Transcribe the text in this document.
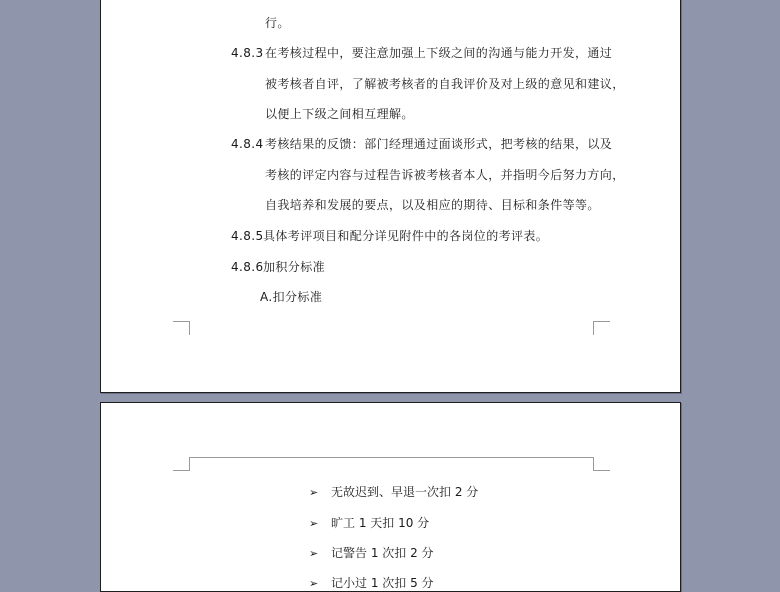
行。
4.8.3在考核过程中，要注意加强上下级之间的沟通与能力开发，通过
被考核者自评，了解被考核者的自我评价及对上级的意见和建议，
以便上下级之间相互理解。
4.8.4考核结果的反馈：部门经理通过面谈形式，把考核的结果，以及
考核的评定内容与过程告诉被考核者本人，并指明今后努力方向，
自我培养和发展的要点，以及相应的期待、目标和条件等等。
4.8.5具体考评项目和配分详见附件中的各岗位的考评表。
4.8.6加积分标准
A.扣分标准
➢ 无故迟到、早退一次扣 2 分
➢ 旷工 1 天扣 10 分
➢ 记警告 1 次扣 2 分
➢ 记小过 1 次扣 5 分
